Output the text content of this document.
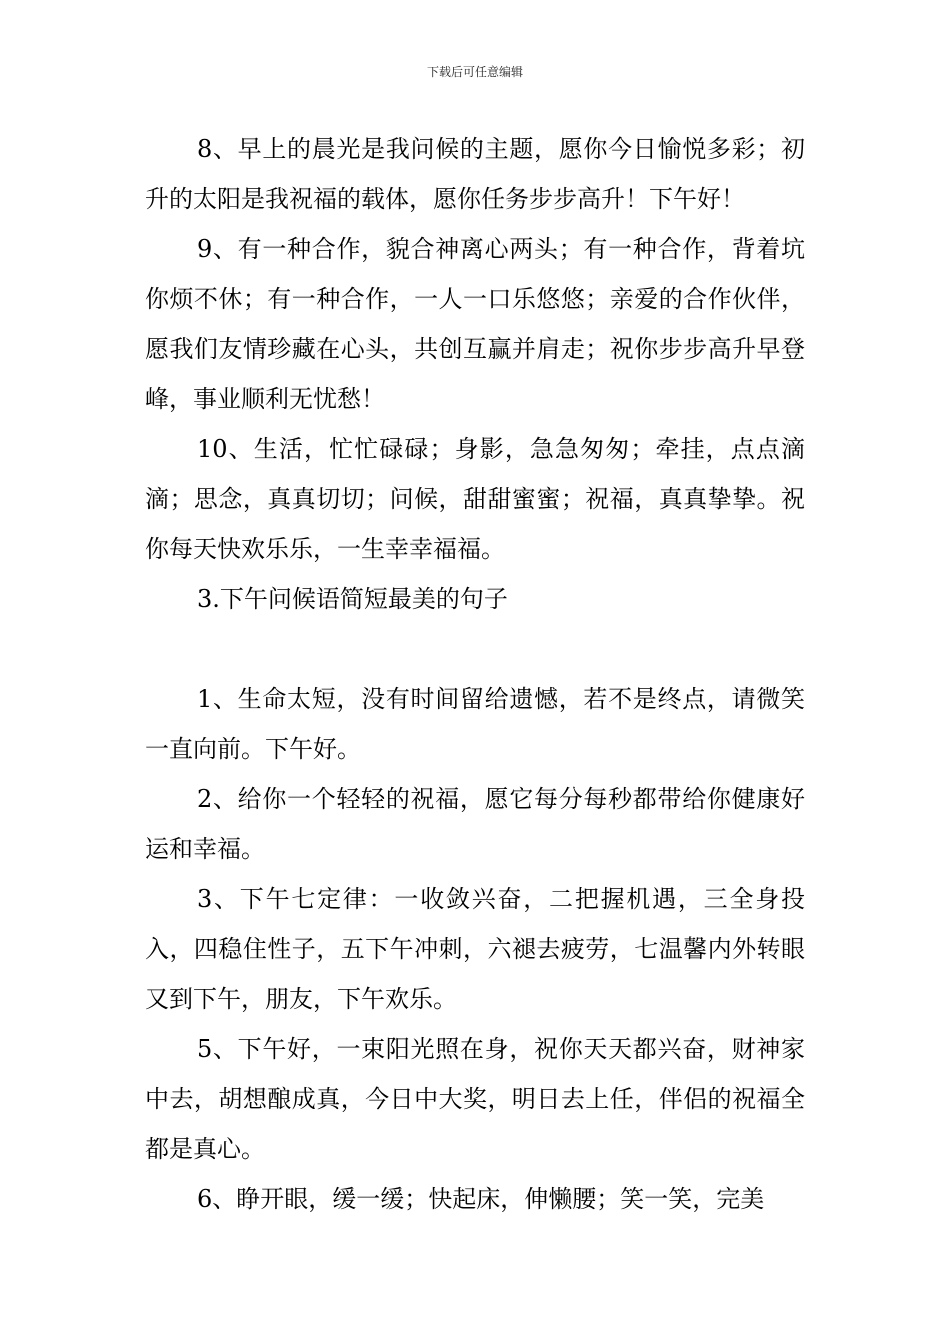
下载后可任意编辑

8、早上的晨光是我问候的主题，愿你今日愉悦多彩；初升的太阳是我祝福的载体，愿你任务步步高升！下午好！

9、有一种合作，貌合神离心两头；有一种合作，背着坑你烦不休；有一种合作，一人一口乐悠悠；亲爱的合作伙伴，愿我们友情珍藏在心头，共创互赢并肩走；祝你步步高升早登峰，事业顺利无忧愁！

10、生活，忙忙碌碌；身影，急急匆匆；牵挂，点点滴滴；思念，真真切切；问候，甜甜蜜蜜；祝福，真真挚挚。祝你每天快欢乐乐，一生幸幸福福。

3.下午问候语简短最美的句子

1、生命太短，没有时间留给遗憾，若不是终点，请微笑一直向前。下午好。

2、给你一个轻轻的祝福，愿它每分每秒都带给你健康好运和幸福。

3、下午七定律：一收敛兴奋，二把握机遇，三全身投入，四稳住性子，五下午冲刺，六褪去疲劳，七温馨内外转眼又到下午，朋友，下午欢乐。

5、下午好，一束阳光照在身，祝你天天都兴奋，财神家中去，胡想酿成真，今日中大奖，明日去上任，伴侣的祝福全都是真心。

6、睁开眼，缓一缓；快起床，伸懒腰；笑一笑，完美
